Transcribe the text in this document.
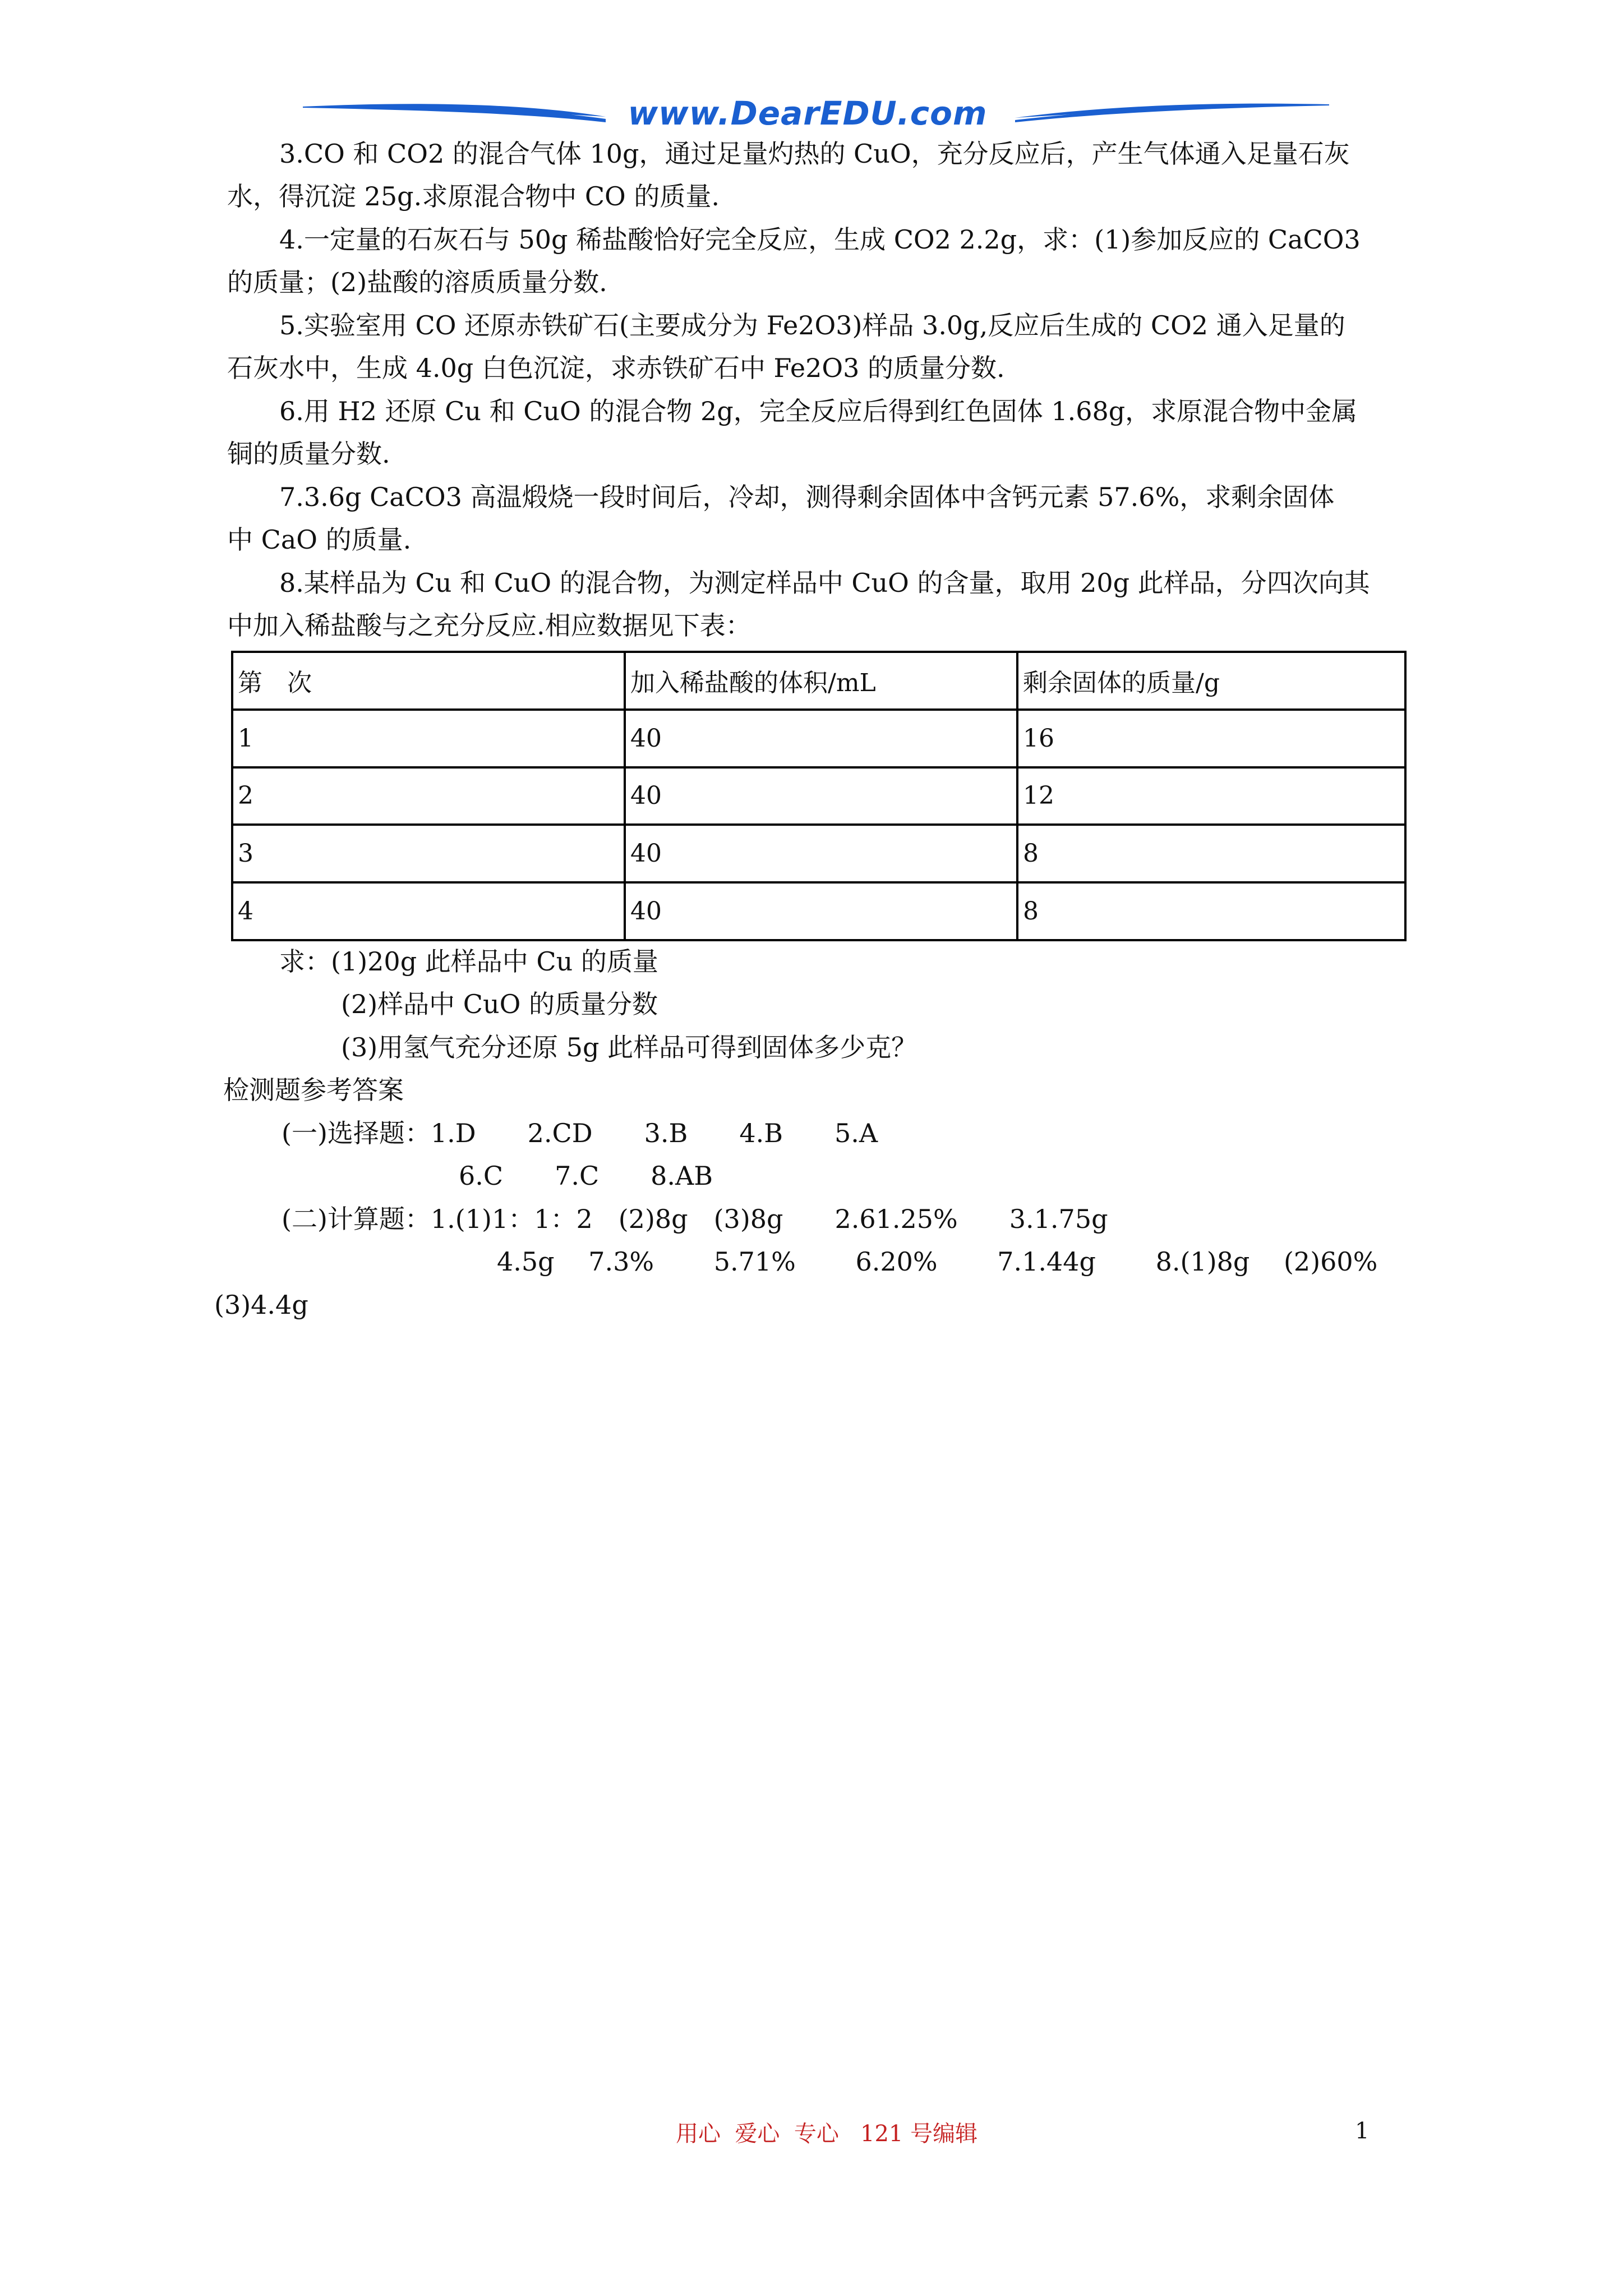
www.DearEDU.com
3.CO 和 CO2 的混合气体 10g，通过足量灼热的 CuO，充分反应后，产生气体通入足量石灰
水，得沉淀 25g.求原混合物中 CO 的质量.
4.一定量的石灰石与 50g 稀盐酸恰好完全反应，生成 CO2 2.2g，求：(1)参加反应的 CaCO3
的质量；(2)盐酸的溶质质量分数.
5.实验室用 CO 还原赤铁矿石(主要成分为 Fe2O3)样品 3.0g,反应后生成的 CO2 通入足量的
石灰水中，生成 4.0g 白色沉淀，求赤铁矿石中 Fe2O3 的质量分数.
6.用 H2 还原 Cu 和 CuO 的混合物 2g，完全反应后得到红色固体 1.68g，求原混合物中金属
铜的质量分数.
7.3.6g CaCO3 高温煅烧一段时间后，冷却，测得剩余固体中含钙元素 57.6%，求剩余固体
中 CaO 的质量.
8.某样品为 Cu 和 CuO 的混合物，为测定样品中 CuO 的含量，取用 20g 此样品，分四次向其
中加入稀盐酸与之充分反应.相应数据见下表：
第　次	加入稀盐酸的体积/mL	剩余固体的质量/g
1	40	16
2	40	12
3	40	8
4	40	8
求：(1)20g 此样品中 Cu 的质量
(2)样品中 CuO 的质量分数
(3)用氢气充分还原 5g 此样品可得到固体多少克？
检测题参考答案
(一)选择题：1.D　　2.CD　　3.B　　4.B　　5.A
6.C　　7.C　　8.AB
(二)计算题：1.(1)1：1：2　(2)8g　(3)8g　　2.61.25%　　3.1.75g
4.5g　 7.3%　　 5.71%　　 6.20%　　 7.1.44g　　 8.(1)8g　 (2)60%
(3)4.4g
用心  爱心  专心   121 号编辑	1
